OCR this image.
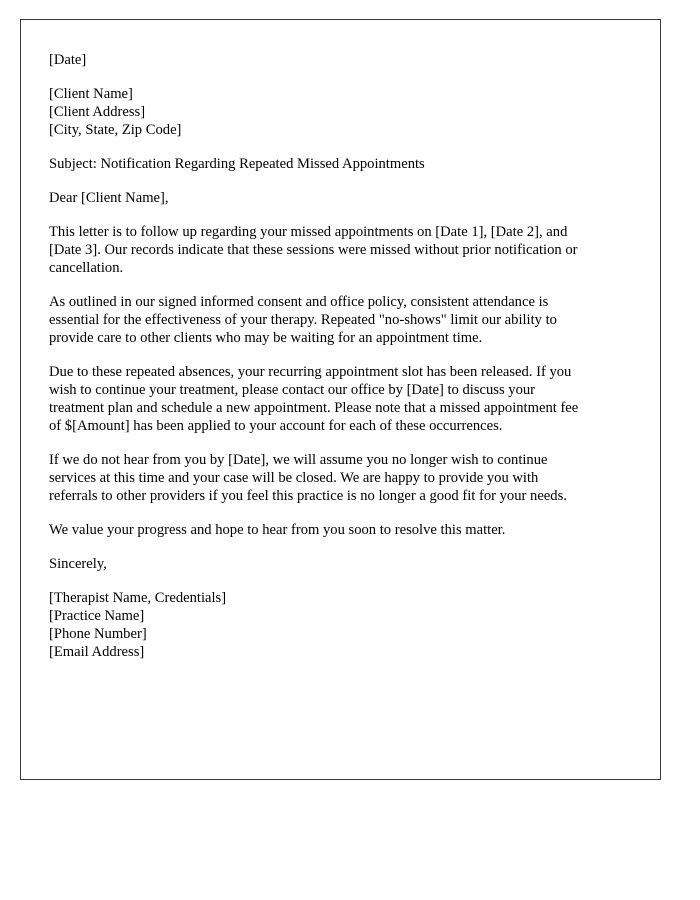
[Date]
[Client Name]
[Client Address]
[City, State, Zip Code]
Subject: Notification Regarding Repeated Missed Appointments
Dear [Client Name],
This letter is to follow up regarding your missed appointments on [Date 1], [Date 2], and
[Date 3]. Our records indicate that these sessions were missed without prior notification or
cancellation.
As outlined in our signed informed consent and office policy, consistent attendance is
essential for the effectiveness of your therapy. Repeated "no-shows" limit our ability to
provide care to other clients who may be waiting for an appointment time.
Due to these repeated absences, your recurring appointment slot has been released. If you
wish to continue your treatment, please contact our office by [Date] to discuss your
treatment plan and schedule a new appointment. Please note that a missed appointment fee
of $[Amount] has been applied to your account for each of these occurrences.
If we do not hear from you by [Date], we will assume you no longer wish to continue
services at this time and your case will be closed. We are happy to provide you with
referrals to other providers if you feel this practice is no longer a good fit for your needs.
We value your progress and hope to hear from you soon to resolve this matter.
Sincerely,
[Therapist Name, Credentials]
[Practice Name]
[Phone Number]
[Email Address]
